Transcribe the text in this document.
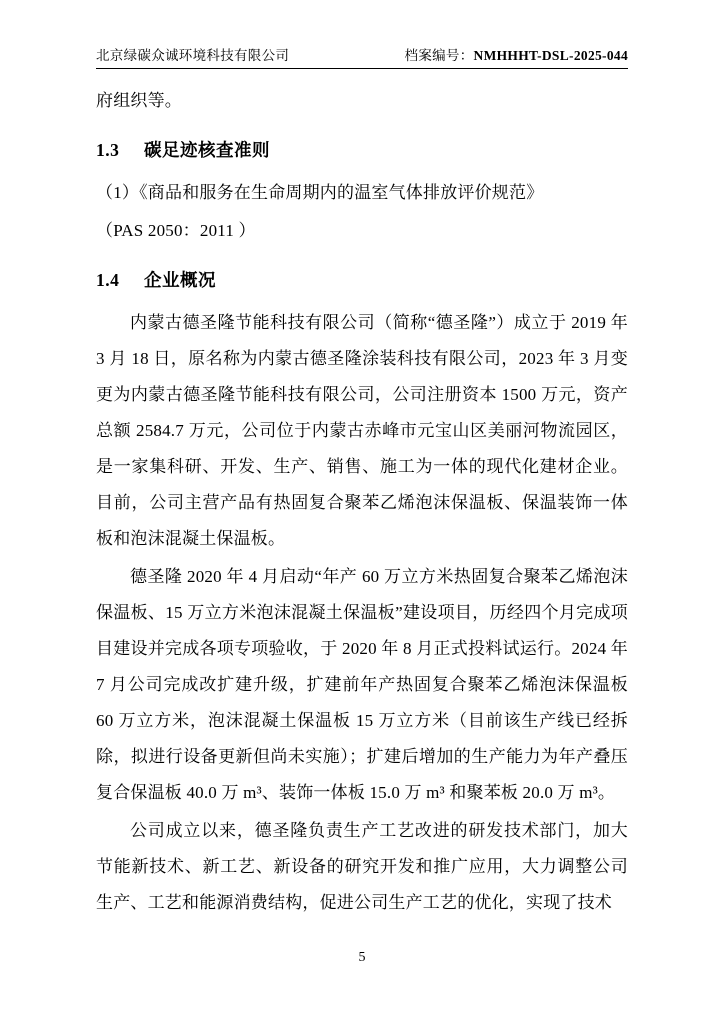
北京绿碳众诚环境科技有限公司	档案编号：NMHHHT-DSL-2025-044

府组织等。

1.3 碳足迹核查准则

（1）《商品和服务在生命周期内的温室气体排放评价规范》

（PAS 2050：2011 ）

1.4 企业概况

内蒙古德圣隆节能科技有限公司（简称“德圣隆”）成立于 2019 年 3 月 18 日，原名称为内蒙古德圣隆涂装科技有限公司，2023 年 3 月变更为内蒙古德圣隆节能科技有限公司，公司注册资本 1500 万元，资产总额 2584.7 万元，公司位于内蒙古赤峰市元宝山区美丽河物流园区，是一家集科研、开发、生产、销售、施工为一体的现代化建材企业。目前，公司主营产品有热固复合聚苯乙烯泡沫保温板、保温装饰一体板和泡沫混凝土保温板。

德圣隆 2020 年 4 月启动“年产 60 万立方米热固复合聚苯乙烯泡沫保温板、15 万立方米泡沫混凝土保温板”建设项目，历经四个月完成项目建设并完成各项专项验收，于 2020 年 8 月正式投料试运行。2024 年 7 月公司完成改扩建升级，扩建前年产热固复合聚苯乙烯泡沫保温板 60 万立方米，泡沫混凝土保温板 15 万立方米（目前该生产线已经拆除，拟进行设备更新但尚未实施）；扩建后增加的生产能力为年产叠压复合保温板 40.0 万 m³、装饰一体板 15.0 万 m³ 和聚苯板 20.0 万 m³。

公司成立以来，德圣隆负责生产工艺改进的研发技术部门，加大节能新技术、新工艺、新设备的研究开发和推广应用，大力调整公司生产、工艺和能源消费结构，促进公司生产工艺的优化，实现了技术

5
